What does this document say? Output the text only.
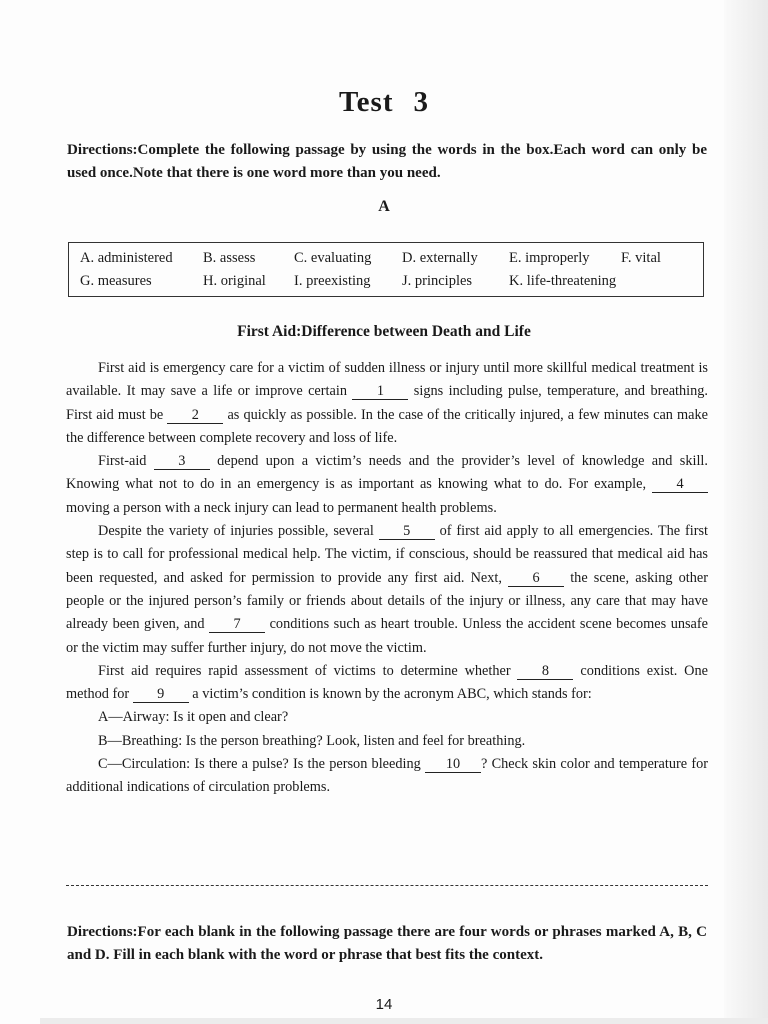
Test 3
Directions:Complete the following passage by using the words in the box.Each word can only be used once.Note that there is one word more than you need.
A
A. administered B. assess	C. evaluating D. externally E. improperly F. vital
G. measures	H. original I. preexisting J. principles	K. life-threatening
First Aid:Difference between Death and Life

First aid is emergency care for a victim of sudden illness or injury until more skillful medical treatment is available. It may save a life or improve certain 1 signs including pulse, temperature, and breathing. First aid must be 2 as quickly as possible. In the case of the critically injured, a few minutes can make the difference between complete recovery and loss of life.

First-aid 3 depend upon a victim’s needs and the provider’s level of knowledge and skill. Knowing what not to do in an emergency is as important as knowing what to do. For example, 4 moving a person with a neck injury can lead to permanent health problems.

Despite the variety of injuries possible, several 5 of first aid apply to all emergencies. The first step is to call for professional medical help. The victim, if conscious, should be reassured that medical aid has been requested, and asked for permission to provide any first aid. Next, 6 the scene, asking other people or the injured person’s family or friends about details of the injury or illness, any care that may have already been given, and 7 conditions such as heart trouble. Unless the accident scene becomes unsafe or the victim may suffer further injury, do not move the victim.

First aid requires rapid assessment of victims to determine whether 8 conditions exist. One method for 9 a victim’s condition is known by the acronym ABC, which stands for:

A—Airway: Is it open and clear?

B—Breathing: Is the person breathing? Look, listen and feel for breathing.

C—Circulation: Is there a pulse? Is the person bleeding 10 ? Check skin color and temperature for additional indications of circulation problems.

Directions:For each blank in the following passage there are four words or phrases marked A, B, C and D. Fill in each blank with the word or phrase that best fits the context.
14
